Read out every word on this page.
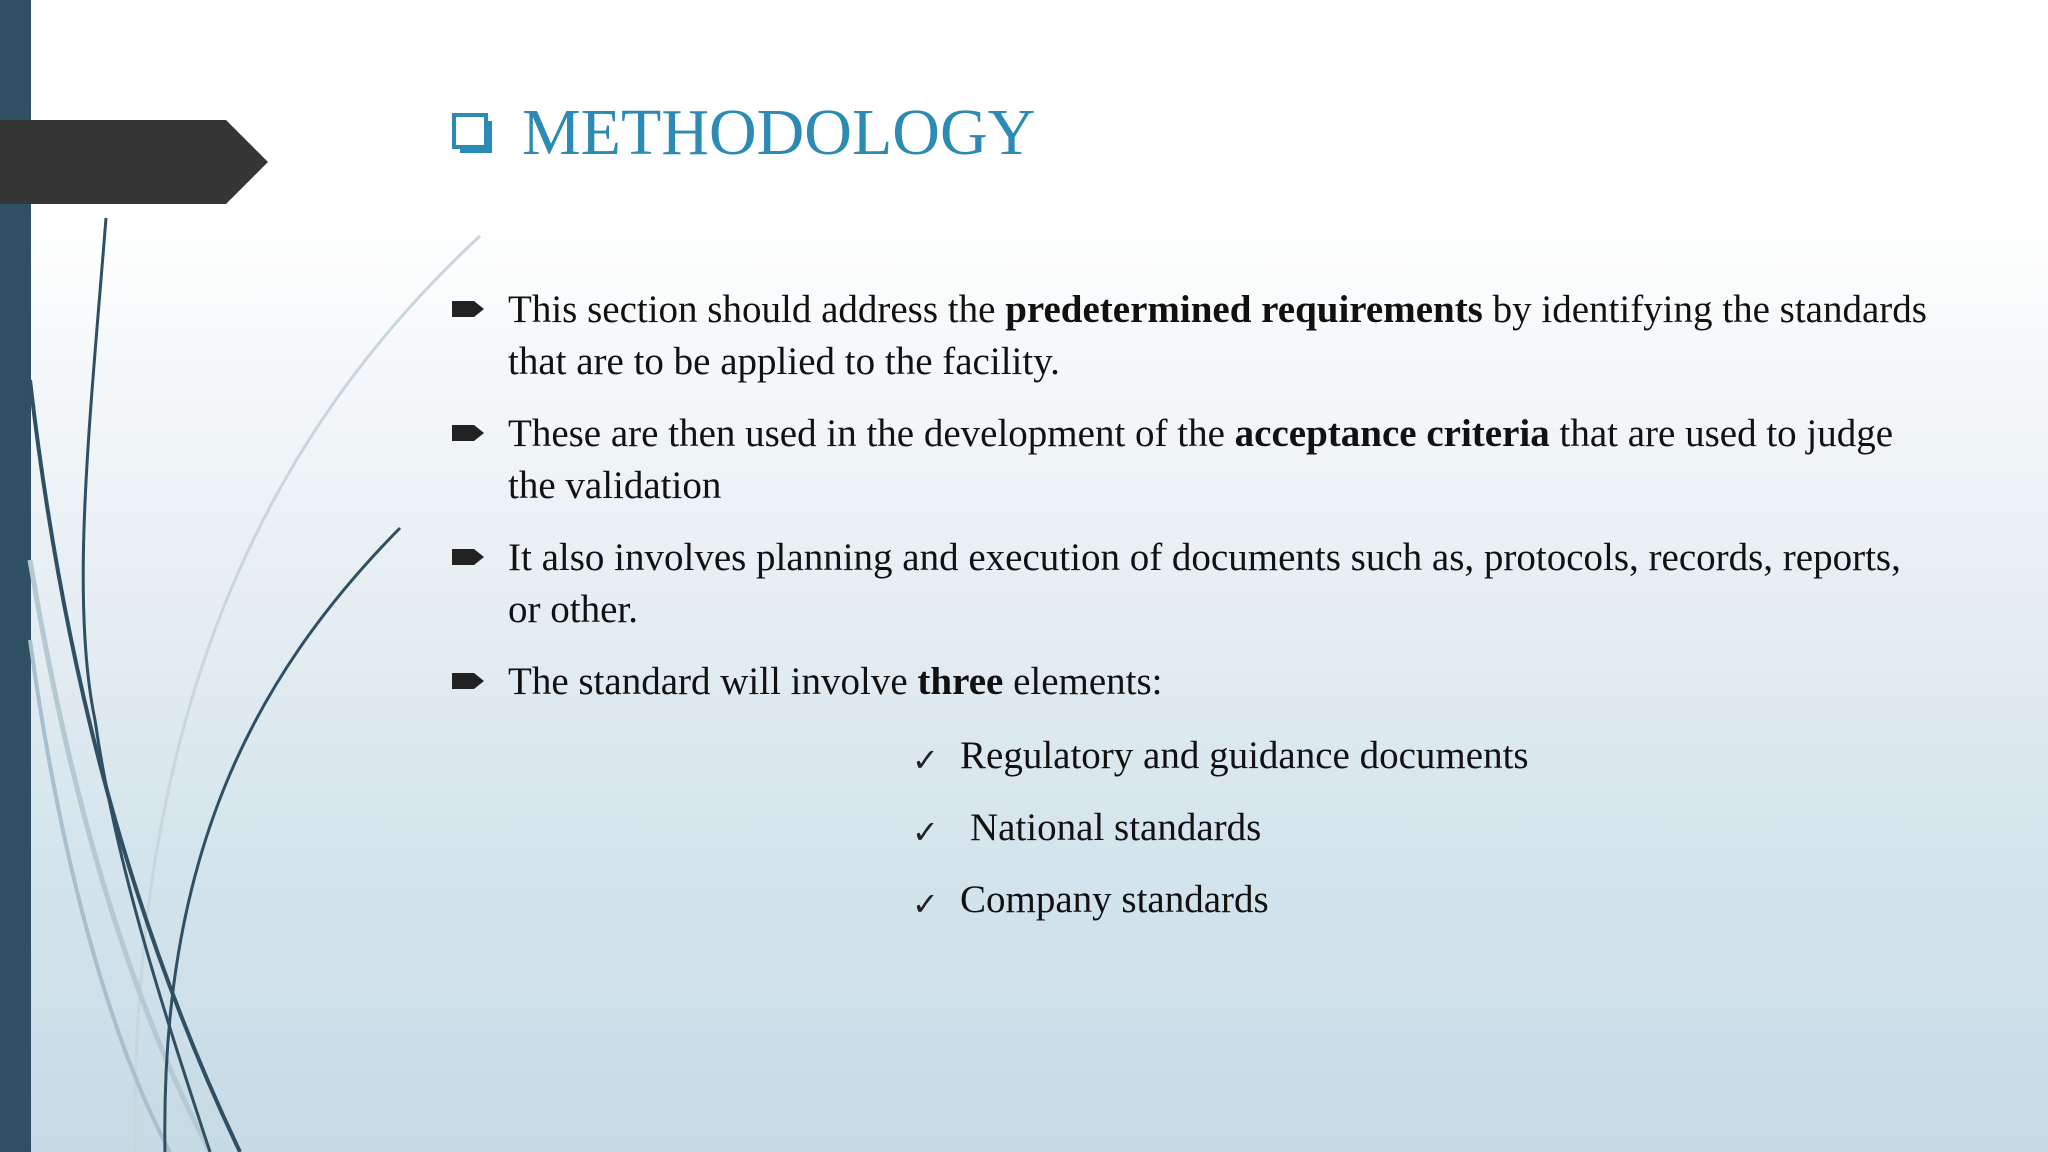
METHODOLOGY
This section should address the predetermined requirements by identifying the standards that are to be applied to the facility.
These are then used in the development of the acceptance criteria that are used to judge the validation
It also involves planning and execution of documents such as, protocols, records, reports, or other.
The standard will involve three elements:
✓ Regulatory and guidance documents
✓ National standards
✓ Company standards
